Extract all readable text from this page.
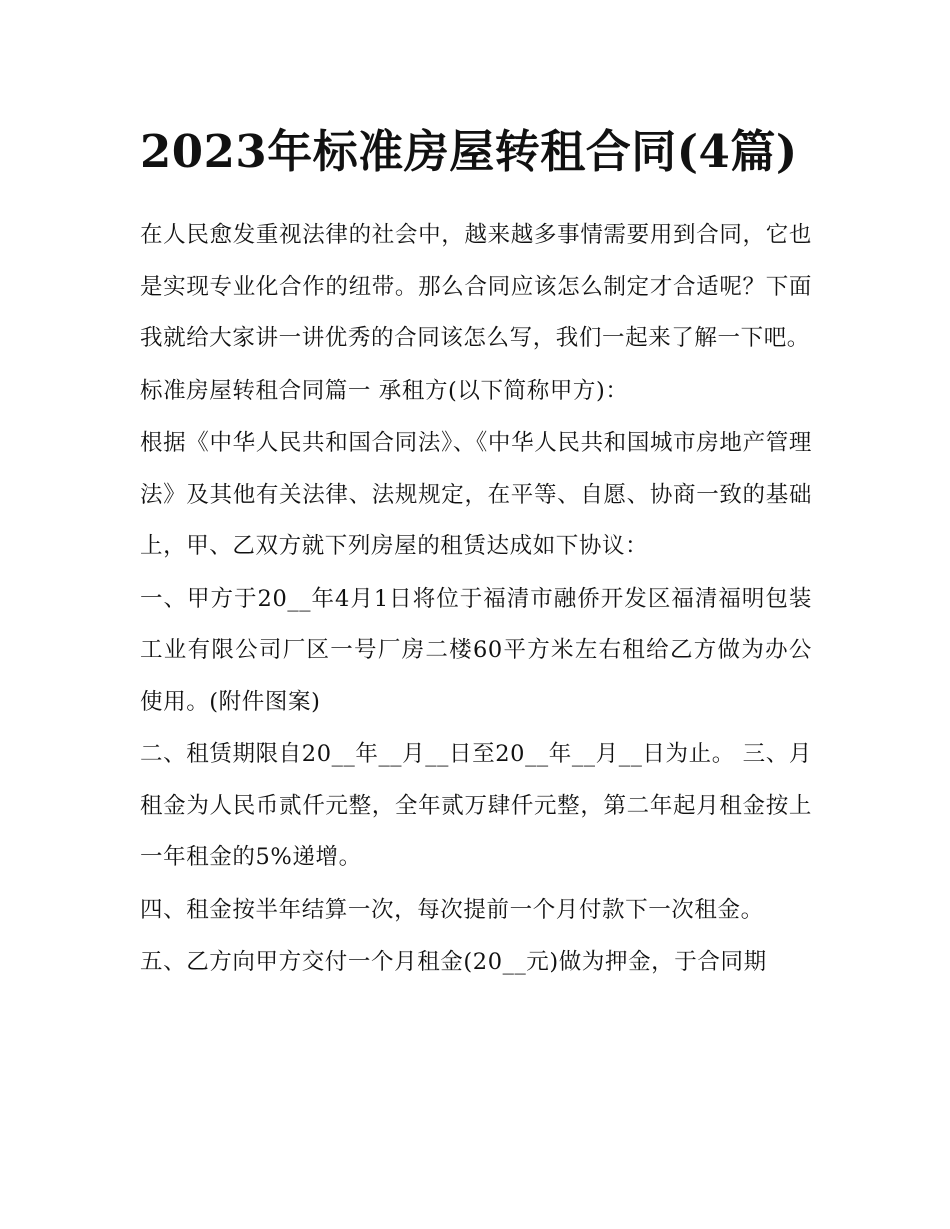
2023年标准房屋转租合同(4篇)

在人民愈发重视法律的社会中，越来越多事情需要用到合同，它也是实现专业化合作的纽带。那么合同应该怎么制定才合适呢？下面我就给大家讲一讲优秀的合同该怎么写，我们一起来了解一下吧。

标准房屋转租合同篇一 承租方(以下简称甲方)：

根据《中华人民共和国合同法》、《中华人民共和国城市房地产管理法》及其他有关法律、法规规定，在平等、自愿、协商一致的基础上，甲、乙双方就下列房屋的租赁达成如下协议：

一、甲方于20__年4月1日将位于福清市融侨开发区福清福明包装工业有限公司厂区一号厂房二楼60平方米左右租给乙方做为办公使用。(附件图案)

二、租赁期限自20__年__月__日至20__年__月__日为止。 三、月租金为人民币贰仟元整，全年贰万肆仟元整，第二年起月租金按上一年租金的5%递增。

四、租金按半年结算一次，每次提前一个月付款下一次租金。

五、乙方向甲方交付一个月租金(20__元)做为押金，于合同期
